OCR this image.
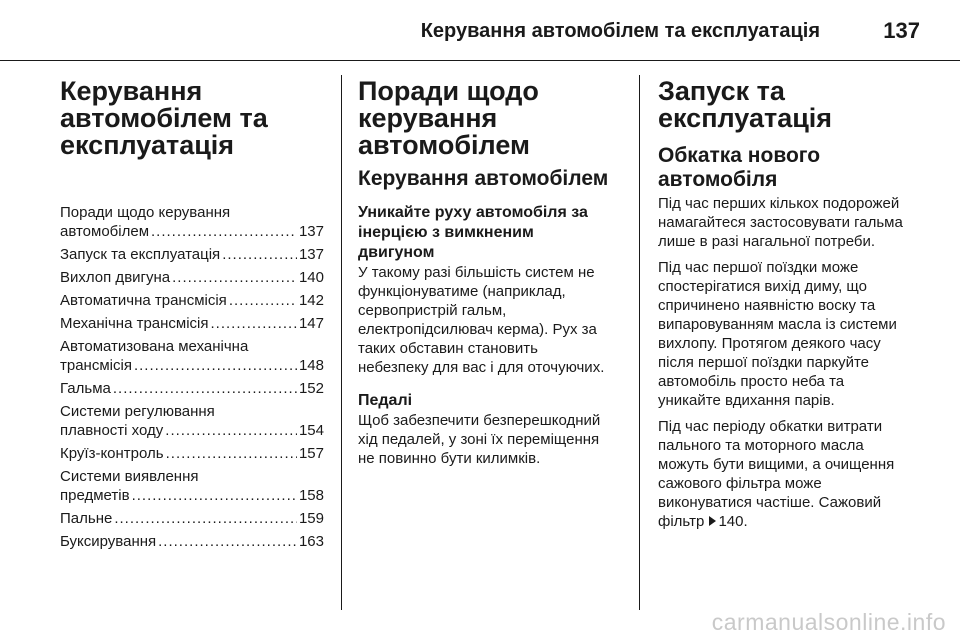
Керування автомобілем та експлуатація	137
Керування
автомобілем та
експлуатація
Поради щодо керування
автомобілем .....	137
Запуск та експлуатація .....	137
Вихлоп двигуна .....	140
Автоматична трансмісія .....	142
Механічна трансмісія .....	147
Автоматизована механічна
трансмісія .....	148
Гальма .....	152
Системи регулювання
плавності ходу .....	154
Круїз-контроль .....	157
Системи виявлення
предметів .....	158
Пальне .....	159
Буксирування .....	163
Поради щодо
керування
автомобілем
Керування автомобілем
Уникайте руху автомобіля за
інерцією з вимкненим
двигуном

У такому разі більшість систем не
функціонуватиме (наприклад,
сервопристрій гальм,
електропідсилювач керма). Рух за
таких обставин становить
небезпеку для вас і для оточуючих.

Педалі

Щоб забезпечити безперешкодний
хід педалей, у зоні їх переміщення
не повинно бути килимків.

Запуск та
експлуатація
Обкатка нового
автомобіля

Під час перших кількох подорожей
намагайтеся застосовувати гальма
лише в разі нагальної потреби.

Під час першої поїздки може
спостерігатися вихід диму, що
спричинено наявністю воску та
випаровуванням масла із системи
вихлопу. Протягом деякого часу
після першої поїздки паркуйте
автомобіль просто неба та
уникайте вдихання парів.

Під час періоду обкатки витрати
пального та моторного масла
можуть бути вищими, а очищення
сажового фільтра може
виконуватися частіше. Сажовий
фільтр 140.

carmanualsonline.info
